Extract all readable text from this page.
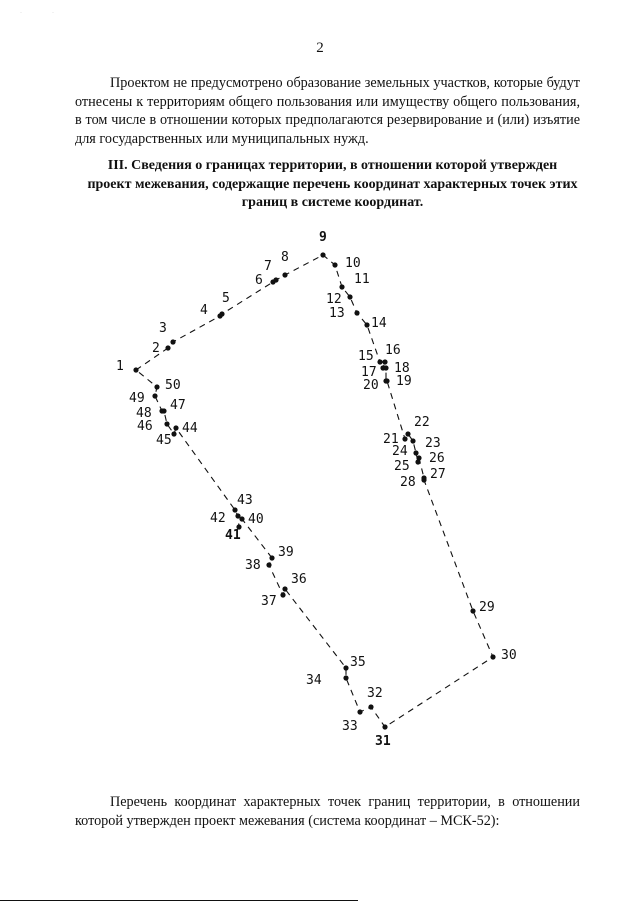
·	·
2

Проектом не предусмотрено образование земельных участков, которые будут отнесены к территориям общего пользования или имуществу общего пользования, в том числе в отношении которых предполагаются резервирование и (или) изъятие для государственных или муниципальных нужд.

III. Сведения о границах территории, в отношении которой утвержден проект межевания, содержащие перечень координат характерных точек этих границ в системе координат.

1
2
3
4
5
6
7
8
9
10
11
12
13
14
15 16
17 18
19
20
21
22
23
24
25
26
27
28
29
30
31
32
33
34
35
36
37
38
39
40
41
42
43
44
45
46
47
48
49
50

Перечень координат характерных точек границ территории, в отношении которой утвержден проект межевания (система координат – МСК-52):
